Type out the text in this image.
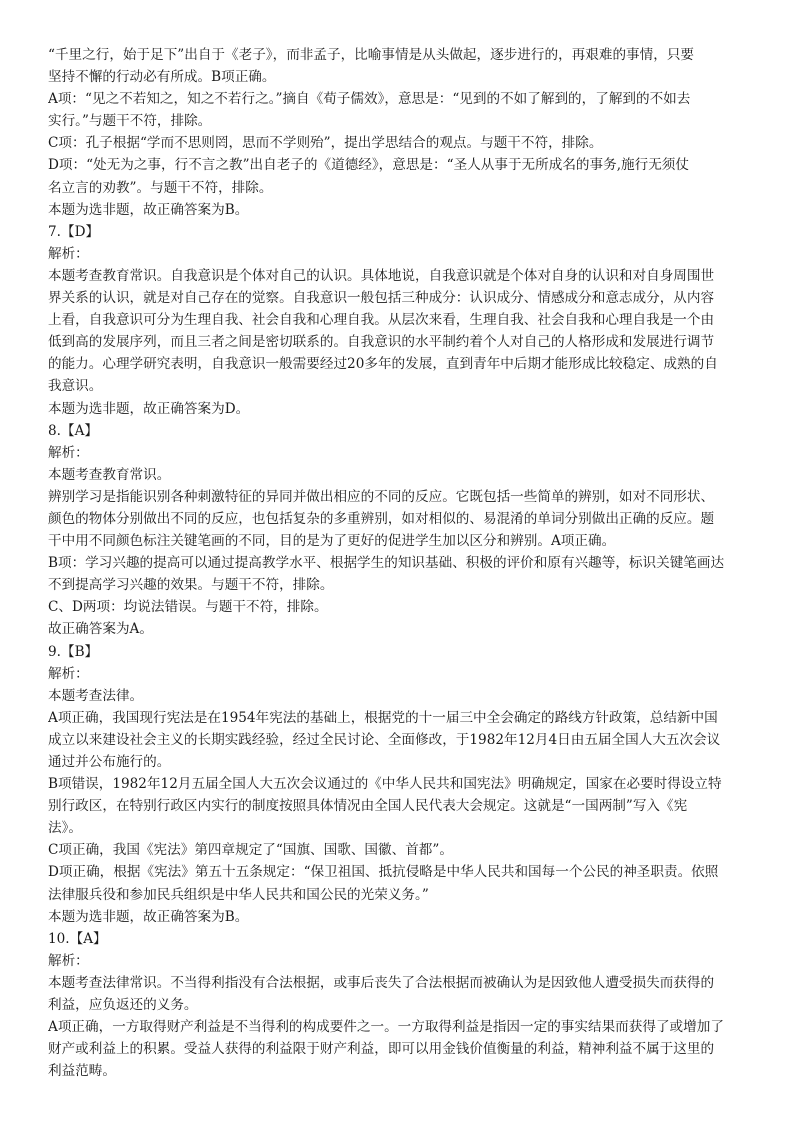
“千里之行，始于足下”出自于《老子》，而非孟子，比喻事情是从头做起，逐步进行的，再艰难的事情，只要
坚持不懈的行动必有所成。B项正确。
A项：“见之不若知之，知之不若行之。”摘自《荀子儒效》，意思是：“见到的不如了解到的，了解到的不如去
实行。”与题干不符，排除。
C项：孔子根据“学而不思则罔，思而不学则殆”，提出学思结合的观点。与题干不符，排除。
D项：“处无为之事，行不言之教”出自老子的《道德经》，意思是：“圣人从事于无所成名的事务,施行无须仗
名立言的劝教”。与题干不符，排除。
本题为选非题，故正确答案为B。
7.【D】
解析：
本题考查教育常识。自我意识是个体对自己的认识。具体地说，自我意识就是个体对自身的认识和对自身周围世
界关系的认识，就是对自己存在的觉察。自我意识一般包括三种成分：认识成分、情感成分和意志成分，从内容
上看，自我意识可分为生理自我、社会自我和心理自我。从层次来看，生理自我、社会自我和心理自我是一个由
低到高的发展序列，而且三者之间是密切联系的。自我意识的水平制约着个人对自己的人格形成和发展进行调节
的能力。心理学研究表明，自我意识一般需要经过20多年的发展，直到青年中后期才能形成比较稳定、成熟的自
我意识。
本题为选非题，故正确答案为D。
8.【A】
解析：
本题考查教育常识。
辨别学习是指能识别各种刺激特征的异同并做出相应的不同的反应。它既包括一些简单的辨别，如对不同形状、
颜色的物体分别做出不同的反应，也包括复杂的多重辨别，如对相似的、易混淆的单词分别做出正确的反应。题
干中用不同颜色标注关键笔画的不同，目的是为了更好的促进学生加以区分和辨别。A项正确。
B项：学习兴趣的提高可以通过提高教学水平、根据学生的知识基础、积极的评价和原有兴趣等，标识关键笔画达
不到提高学习兴趣的效果。与题干不符，排除。
C、D两项：均说法错误。与题干不符，排除。
故正确答案为A。
9.【B】
解析：
本题考查法律。
A项正确，我国现行宪法是在1954年宪法的基础上，根据党的十一届三中全会确定的路线方针政策，总结新中国
成立以来建设社会主义的长期实践经验，经过全民讨论、全面修改，于1982年12月4日由五届全国人大五次会议
通过并公布施行的。
B项错误，1982年12月五届全国人大五次会议通过的《中华人民共和国宪法》明确规定，国家在必要时得设立特
别行政区，在特别行政区内实行的制度按照具体情况由全国人民代表大会规定。这就是“一国两制”写入《宪
法》。
C项正确，我国《宪法》第四章规定了“国旗、国歌、国徽、首都”。
D项正确，根据《宪法》第五十五条规定：“保卫祖国、抵抗侵略是中华人民共和国每一个公民的神圣职责。依照
法律服兵役和参加民兵组织是中华人民共和国公民的光荣义务。”
本题为选非题，故正确答案为B。
10.【A】
解析：
本题考查法律常识。不当得利指没有合法根据，或事后丧失了合法根据而被确认为是因致他人遭受损失而获得的
利益，应负返还的义务。
A项正确，一方取得财产利益是不当得利的构成要件之一。一方取得利益是指因一定的事实结果而获得了或增加了
财产或利益上的积累。受益人获得的利益限于财产利益，即可以用金钱价值衡量的利益，精神利益不属于这里的
利益范畴。
